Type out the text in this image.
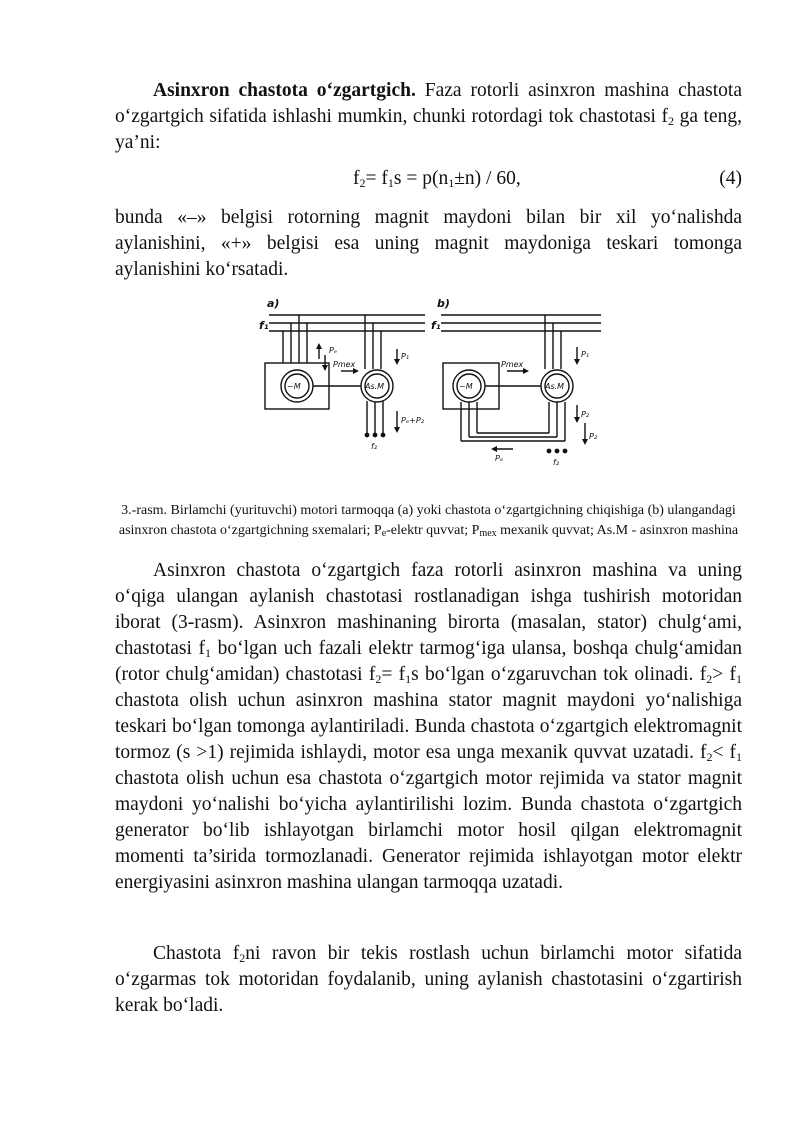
Asinxron chastota oʻzgartgich. Faza rotorli asinxron mashina chastota oʻzgartgich sifatida ishlashi mumkin, chunki rotordagi tok chastotasi $f_2$ ga teng, ya’ni:

$f_2= f_1s = p(n_1\pm n) / 60$,	(4)

bunda «–» belgisi rotorning magnit maydoni bilan bir xil yoʻnalishda aylanishini, «+» belgisi esa uning magnit maydoniga teskari tomonga aylanishini koʻrsatadi.

a)	b)
f₁	f₁
~M	As.M	~M	As.M
Pₑ
Pmex
P₁
Pₑ+P₂
f₂
Pmex
P₁
P₂
P₂
Pₑ	f₂

3.-rasm. Birlamchi (yurituvchi) motori tarmoqqa (a) yoki chastota oʻzgartgichning chiqishiga (b) ulangandagi asinxron chastota oʻzgartgichning sxemalari; $P_e$-elektr quvvat; $P_{mex}$ mexanik quvvat; As.M - asinxron mashina

Asinxron chastota oʻzgartgich faza rotorli asinxron mashina va uning oʻqiga ulangan aylanish chastotasi rostlanadigan ishga tushirish motoridan iborat (3-rasm). Asinxron mashinaning birorta (masalan, stator) chulgʻami, chastotasi $f_1$ boʻlgan uch fazali elektr tarmogʻiga ulansa, boshqa chulgʻamidan (rotor chulgʻamidan) chastotasi $f_2= f_1s$ boʻlgan oʻzgaruvchan tok olinadi. $f_2> f_1$ chastota olish uchun asinxron mashina stator magnit maydoni yoʻnalishiga teskari boʻlgan tomonga aylantiriladi. Bunda chastota oʻzgartgich elektromagnit tormoz (s >1) rejimida ishlaydi, motor esa unga mexanik quvvat uzatadi. $f_2< f_1$ chastota olish uchun esa chastota oʻzgartgich motor rejimida va stator magnit maydoni yoʻnalishi boʻyicha aylantirilishi lozim. Bunda chastota oʻzgartgich generator boʻlib ishlayotgan birlamchi motor hosil qilgan elektromagnit momenti ta’sirida tormozlanadi. Generator rejimida ishlayotgan motor elektr energiyasini asinxron mashina ulangan tarmoqqa uzatadi.

Chastota $f_2ni$ ravon bir tekis rostlash uchun birlamchi motor sifatida oʻzgarmas tok motoridan foydalanib, uning aylanish chastotasini oʻzgartirish kerak boʻladi.
